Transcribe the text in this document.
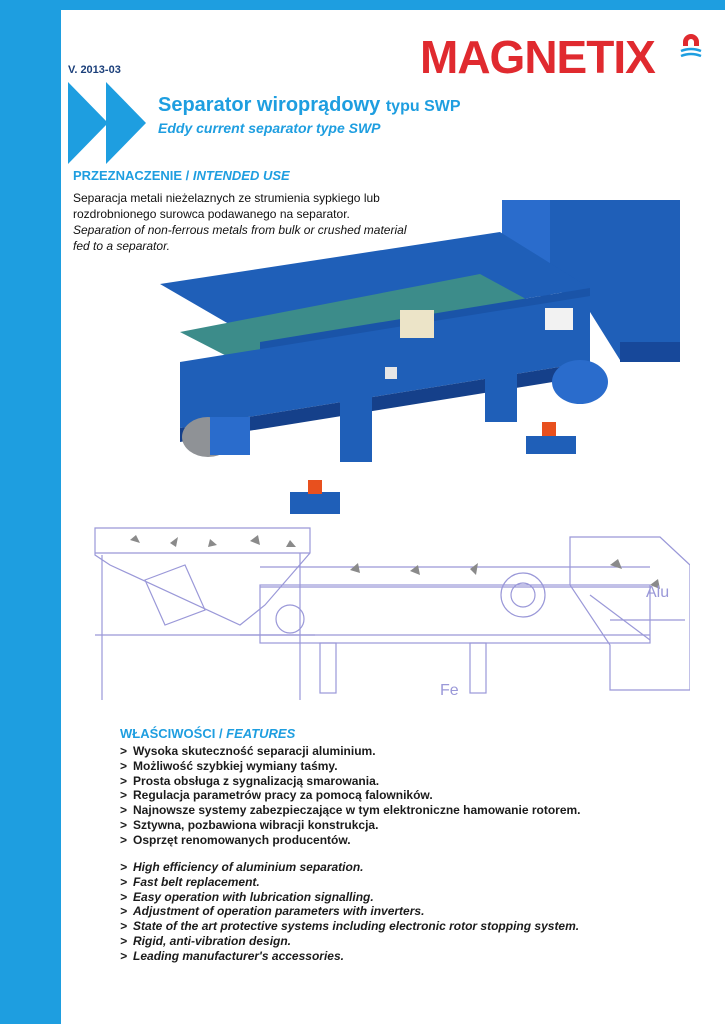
V. 2013-03	MAGNETIX
Separator wiroprądowy typu SWP
Eddy current separator type SWP
PRZEZNACZENIE / INTENDED USE
Separacja metali nieżelaznych ze strumienia sypkiego lub rozdrobnionego surowca podawanego na separator.
Separation of non-ferrous metals from bulk or crushed material fed to a separator.
Alu
Fe
WŁAŚCIWOŚCI / FEATURES
> Wysoka skuteczność separacji aluminium.
> Możliwość szybkiej wymiany taśmy.
> Prosta obsługa z sygnalizacją smarowania.
> Regulacja parametrów pracy za pomocą falowników.
> Najnowsze systemy zabezpieczające w tym elektroniczne hamowanie rotorem.
> Sztywna, pozbawiona wibracji konstrukcja.
> Osprzęt renomowanych producentów.
> High efficiency of aluminium separation.
> Fast belt replacement.
> Easy operation with lubrication signalling.
> Adjustment of operation parameters with inverters.
> State of the art protective systems including electronic rotor stopping system.
> Rigid, anti-vibration design.
> Leading manufacturer's accessories.
